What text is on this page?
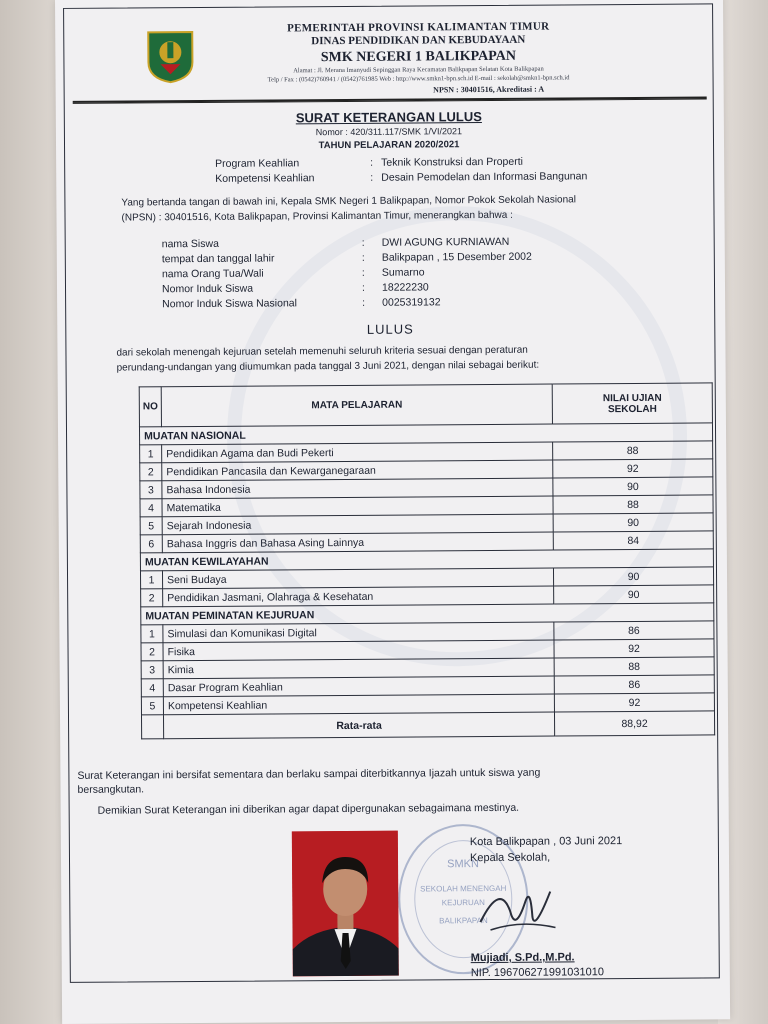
PEMERINTAH PROVINSI KALIMANTAN TIMUR
DINAS PENDIDIKAN DAN KEBUDAYAAN
SMK NEGERI 1 BALIKPAPAN
Alamat : Jl. Merana Imanyudi Sepinggan Raya Kecamatan Balikpapan Selatan Kota Balikpapan
Telp / Fax : (0542)760941 / (0542)761985 Web : http://www.smkn1-bpn.sch.id E-mail : sekolah@smkn1-bpn.sch.id
NPSN : 30401516, Akreditasi : A
SURAT KETERANGAN LULUS
Nomor : 420/311.117/SMK 1/VI/2021
TAHUN PELAJARAN 2020/2021
Program Keahlian	: Teknik Konstruksi dan Properti
Kompetensi Keahlian	: Desain Pemodelan dan Informasi Bangunan
Yang bertanda tangan di bawah ini, Kepala SMK Negeri 1 Balikpapan, Nomor Pokok Sekolah Nasional
(NPSN) : 30401516, Kota Balikpapan, Provinsi Kalimantan Timur, menerangkan bahwa :
nama Siswa	: DWI AGUNG KURNIAWAN
tempat dan tanggal lahir	: Balikpapan , 15 Desember 2002
nama Orang Tua/Wali	: Sumarno
Nomor Induk Siswa	: 18222230
Nomor Induk Siswa Nasional	: 0025319132
LULUS
dari sekolah menengah kejuruan setelah memenuhi seluruh kriteria sesuai dengan peraturan
perundang-undangan yang diumumkan pada tanggal 3 Juni 2021, dengan nilai sebagai berikut:
NO	MATA PELAJARAN	NILAI UJIAN
SEKOLAH

MUATAN NASIONAL		
1	Pendidikan Agama dan Budi Pekerti	88
2	Pendidikan Pancasila dan Kewarganegaraan	92
3	Bahasa Indonesia	90
4	Matematika	88
5	Sejarah Indonesia	90
6	Bahasa Inggris dan Bahasa Asing Lainnya	84
MUATAN KEWILAYAHAN		
1	Seni Budaya	90
2	Pendidikan Jasmani, Olahraga & Kesehatan	90
MUATAN PEMINATAN KEJURUAN		
1	Simulasi dan Komunikasi Digital	86
2	Fisika	92
3	Kimia	88
4	Dasar Program Keahlian	86
5	Kompetensi Keahlian	92
	Rata-rata	88,92
Surat Keterangan ini bersifat sementara dan berlaku sampai diterbitkannya Ijazah untuk siswa yang
bersangkutan.
Demikian Surat Keterangan ini diberikan agar dapat dipergunakan sebagaimana mestinya.
SMKN
SEKOLAH MENENGAH
KEJURUAN
BALIKPAPAN
Kota Balikpapan , 03 Juni 2021
Kepala Sekolah,
Mujiadi, S.Pd.,M.Pd.
NIP. 196706271991031010
